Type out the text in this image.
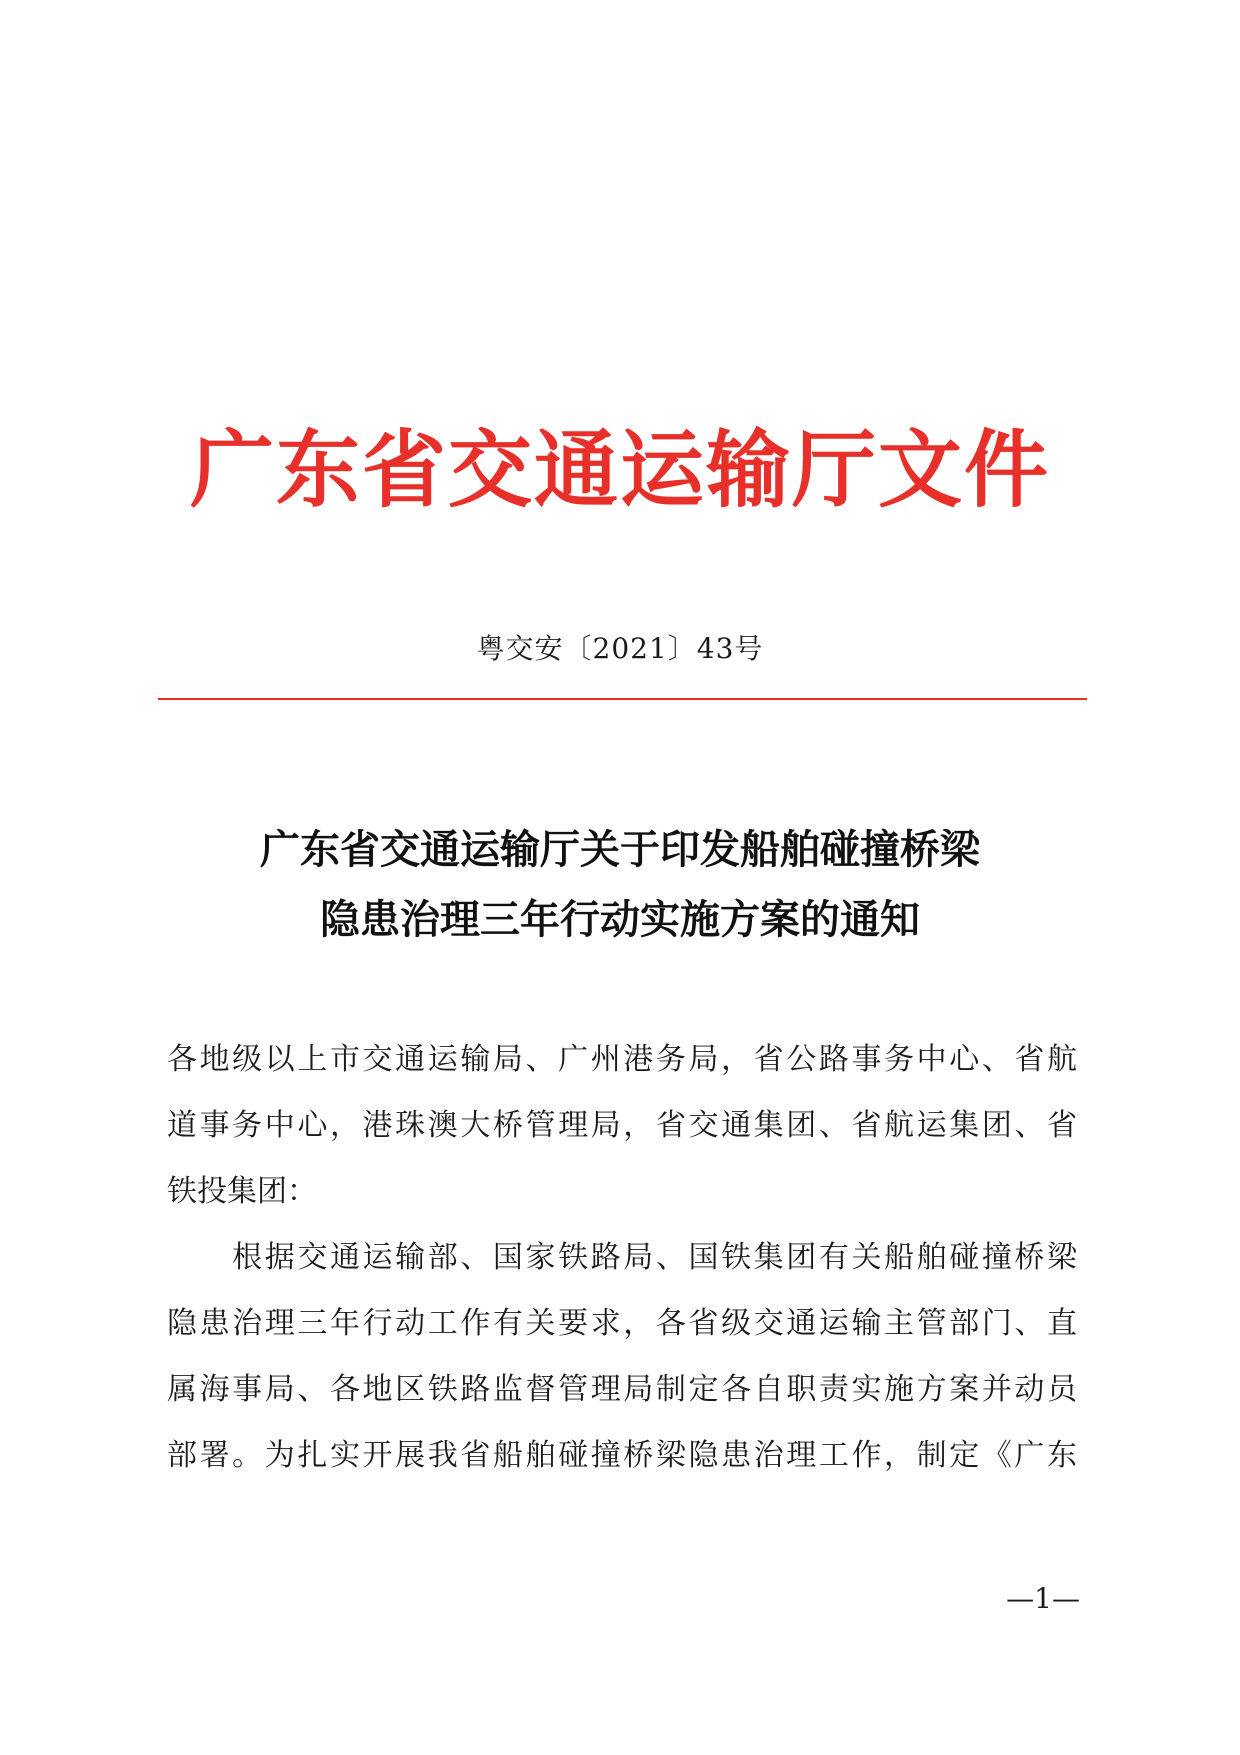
广东省交通运输厅文件
粤交安〔2021〕43号
广东省交通运输厅关于印发船舶碰撞桥梁
隐患治理三年行动实施方案的通知
各地级以上市交通运输局、广州港务局，省公路事务中心、省航
道事务中心，港珠澳大桥管理局，省交通集团、省航运集团、省
铁投集团：
　　根据交通运输部、国家铁路局、国铁集团有关船舶碰撞桥梁
隐患治理三年行动工作有关要求，各省级交通运输主管部门、直
属海事局、各地区铁路监督管理局制定各自职责实施方案并动员
部署。为扎实开展我省船舶碰撞桥梁隐患治理工作，制定《广东
—1—
